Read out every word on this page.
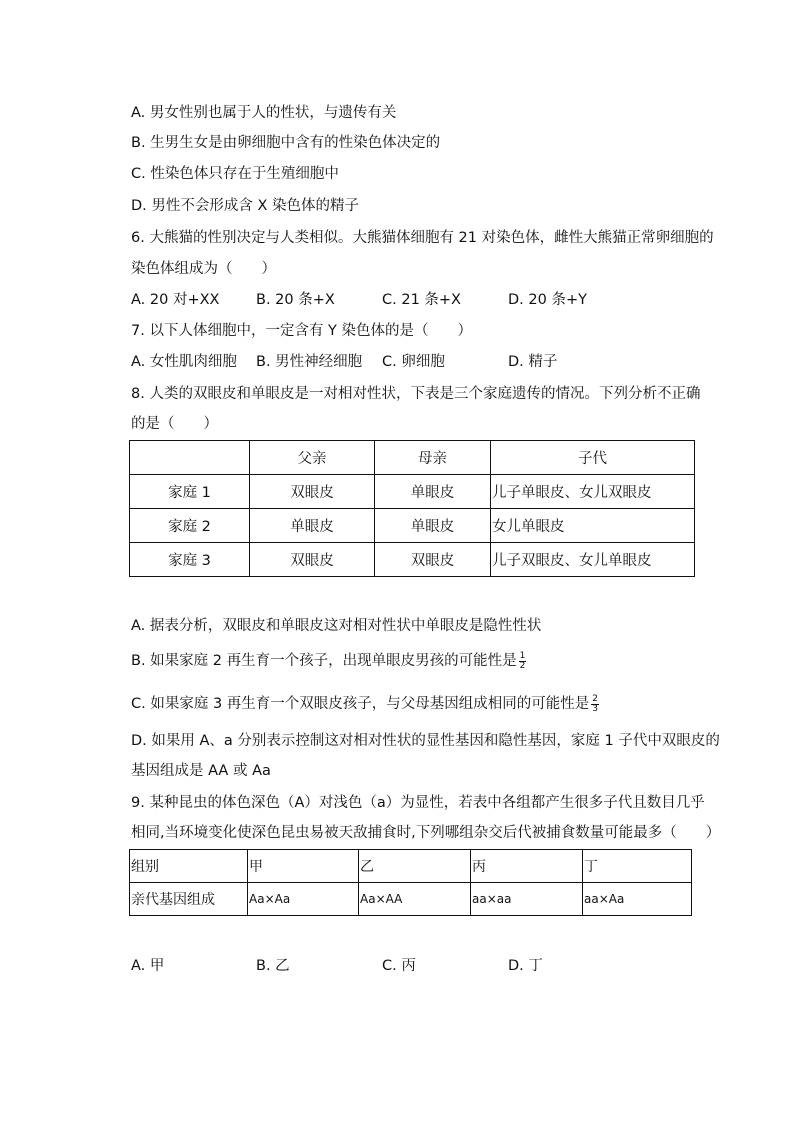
A. 男女性别也属于人的性状，与遗传有关
B. 生男生女是由卵细胞中含有的性染色体决定的
C. 性染色体只存在于生殖细胞中
D. 男性不会形成含 X 染色体的精子
6. 大熊猫的性别决定与人类相似。大熊猫体细胞有 21 对染色体，雌性大熊猫正常卵细胞的
染色体组成为（　　）
A. 20 对+XX	B. 20 条+X	C. 21 条+X	D. 20 条+Y
7. 以下人体细胞中，一定含有 Y 染色体的是（　　）
A. 女性肌肉细胞 B. 男性神经细胞 C. 卵细胞	D. 精子
8. 人类的双眼皮和单眼皮是一对相对性状，下表是三个家庭遗传的情况。下列分析不正确
的是（　　）
	父亲	母亲	子代
家庭 1	双眼皮	单眼皮	儿子单眼皮、女儿双眼皮
家庭 2	单眼皮	单眼皮	女儿单眼皮
家庭 3	双眼皮	双眼皮	儿子双眼皮、女儿单眼皮
A. 据表分析，双眼皮和单眼皮这对相对性状中单眼皮是隐性性状
B. 如果家庭 2 再生育一个孩子，出现单眼皮男孩的可能性是 $\frac{1}{2}$
C. 如果家庭 3 再生育一个双眼皮孩子，与父母基因组成相同的可能性是 $\frac{2}{3}$
D. 如果用 A、a 分别表示控制这对相对性状的显性基因和隐性基因，家庭 1 子代中双眼皮的
基因组成是 AA 或 Aa
9. 某种昆虫的体色深色（A）对浅色（a）为显性，若表中各组都产生很多子代且数目几乎
相同,当环境变化使深色昆虫易被天敌捕食时,下列哪组杂交后代被捕食数量可能最多（　　）
组别	甲	乙	丙	丁
亲代基因组成	Aa×Aa	Aa×AA	aa×aa	aa×Aa
A. 甲	B. 乙	C. 丙	D. 丁
